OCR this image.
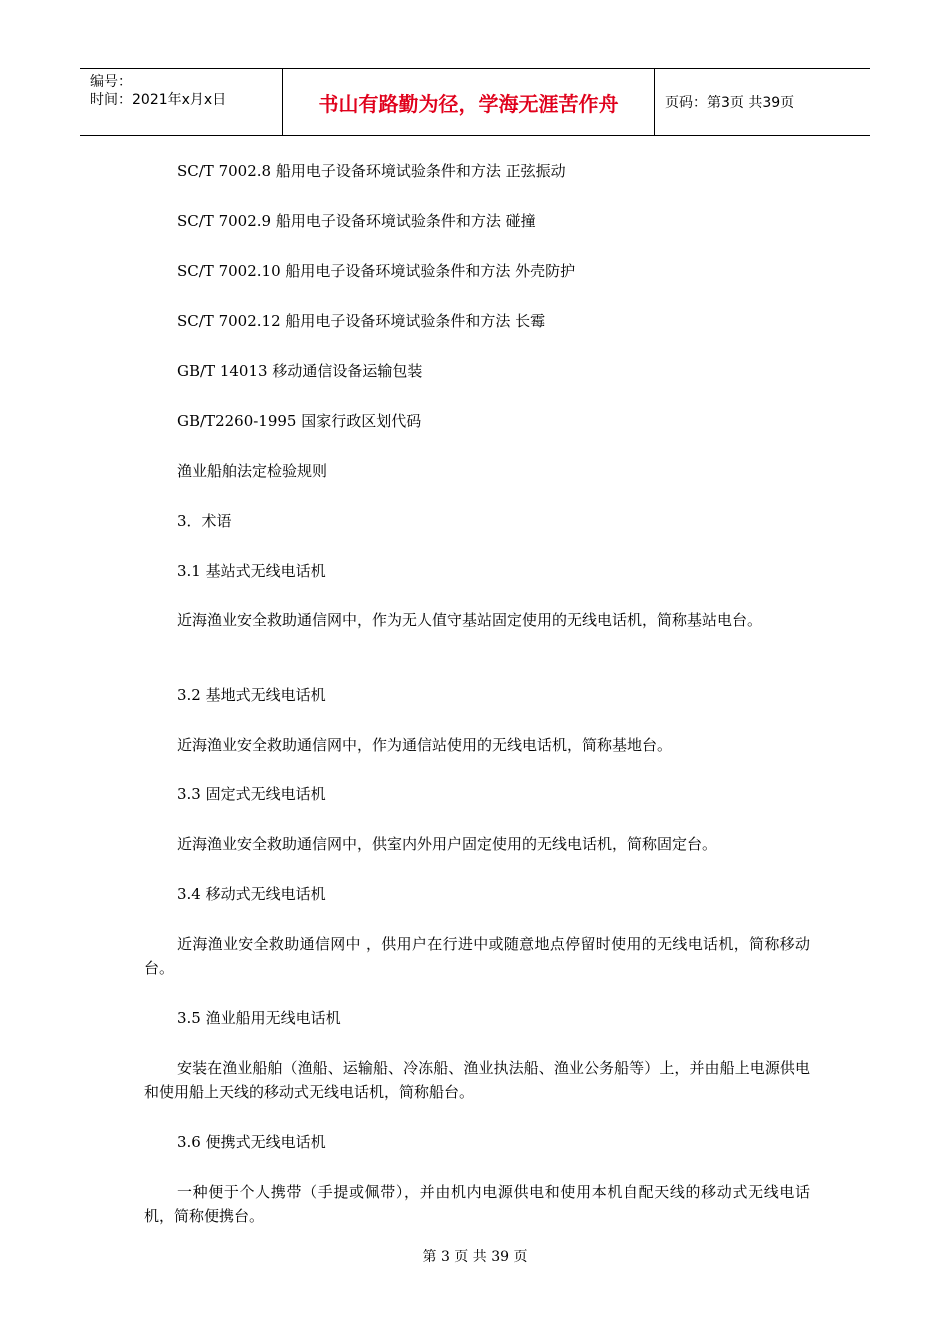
编号：
时间：2021年x月x日	书山有路勤为径，学海无涯苦作舟	页码：第3页 共39页
SC/T 7002.8 船用电子设备环境试验条件和方法 正弦振动
SC/T 7002.9 船用电子设备环境试验条件和方法 碰撞
SC/T 7002.10 船用电子设备环境试验条件和方法 外壳防护
SC/T 7002.12 船用电子设备环境试验条件和方法 长霉
GB/T 14013 移动通信设备运输包装
GB/T2260-1995 国家行政区划代码
渔业船舶法定检验规则
3．术语
3.1 基站式无线电话机
近海渔业安全救助通信网中，作为无人值守基站固定使用的无线电话机，简称基站电台。
3.2 基地式无线电话机
近海渔业安全救助通信网中，作为通信站使用的无线电话机，简称基地台。
3.3 固定式无线电话机
近海渔业安全救助通信网中，供室内外用户固定使用的无线电话机，简称固定台。
3.4 移动式无线电话机
近海渔业安全救助通信网中 ，供用户在行进中或随意地点停留时使用的无线电话机，简称移动台。
3.5 渔业船用无线电话机
安装在渔业船舶（渔船、运输船、冷冻船、渔业执法船、渔业公务船等）上，并由船上电源供电和使用船上天线的移动式无线电话机，简称船台。
3.6 便携式无线电话机
一种便于个人携带（手提或佩带），并由机内电源供电和使用本机自配天线的移动式无线电话机，简称便携台。
第 3 页 共 39 页
